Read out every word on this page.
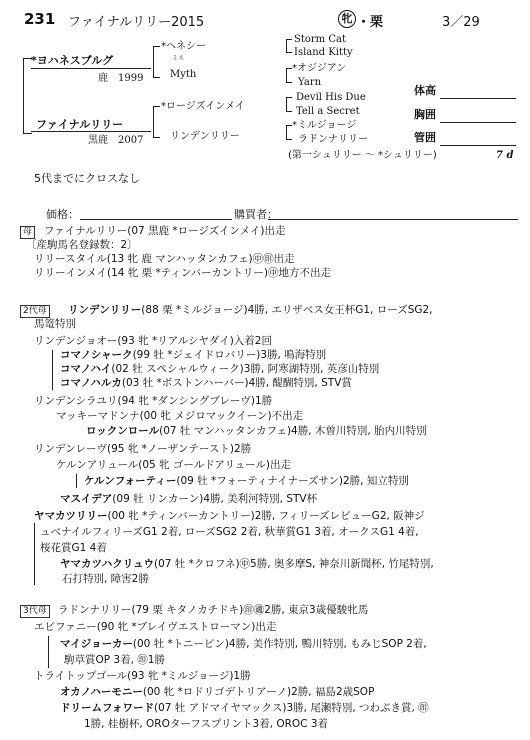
231 ファイナルリリー2015	牝 ・栗	3／29
*ヨハネスブルグ
鹿　1999
ファイナルリリー
黒鹿　2007
*ヘネシー
ミス
Myth
*ロージズインメイ
リンデンリリー
Storm Cat
Island Kitty
*オジジアン
Yarn
Devil His Due
Tell a Secret
*ミルジョージ
ラドンナリリー
(第一シュリリー ～ *シュリリー)	7 d
体高
胸囲
管囲
5代までにクロスなし
価格：	購買者：
母 ファイナルリリー(07 黒鹿 *ロージズインメイ)出走
〔産駒馬名登録数：2〕
リリースタイル(13 牝 鹿 マンハッタンカフェ)㊥㊞出走
リリーインメイ(14 牝 栗 *ティンバーカントリー)㊥地方不出走
2代母 リンデンリリー(88 栗 *ミルジョージ)4勝, エリザベス女王杯G1, ローズSG2,
馬篭特別
リンデンジョオー(93 牝 *リアルシヤダイ)入着2回
コマノシャーク(99 牡 *ジェイドロバリー)3勝, 鳴海特別
コマノハイ(02 牡 スペシャルウィーク)3勝, 阿寒湖特別, 英彦山特別
コマノハルカ(03 牡 *ボストンハーバー)4勝, 醍醐特別, STV賞
リンデンシラユリ(94 牝 *ダンシングブレーヴ)1勝
マッキーマドンナ(00 牝 メジロマックイーン)不出走
ロックンロール(07 牡 マンハッタンカフェ)4勝, 木曽川特別, 胎内川特別
リンデンレーヴ(95 牝 *ノーザンテースト)2勝
ケルンアリュール(05 牝 ゴールドアリュール)出走
ケルンフォーティー(09 牡 *フォーティナイナーズサン)2勝, 知立特別
マスイデア(09 牡 リンカーン)4勝, 美利河特別, STV杯
ヤマカツリリー(00 牝 *ティンバーカントリー)2勝, フィリーズレビューG2, 阪神ジ
ュベナイルフィリーズG1 2着, ローズSG2 2着, 秋華賞G1 3着, オークスG1 4着,
桜花賞G1 4着
ヤマカツハクリュウ(07 牡 *クロフネ)㊥5勝, 奥多摩S, 神奈川新聞杯, 竹尾特別,
石打特別, 障害2勝
3代母 ラドンナリリー(79 栗 キタノカチドキ)㊞㊜2勝, 東京3歳優駿牝馬
エビファニー(90 牝 *ブレイヴエストローマン)出走
マイジョーカー(00 牡 *トニービン)4勝, 美作特別, 鴨川特別, もみじSOP 2着,
駒草賞OP 3着, ㊞1勝
トライトップゴール(93 牝 *ミルジョージ)1勝
オカノハーモニー(00 牝 *ロドリゴデトリアーノ)2勝, 福島2歳SOP
ドリームフォワード(07 牡 アドマイヤマックス)3勝, 尾瀬特別, つわぶき賞, ㊞
1勝, 桂樹杯, OROターフスプリント3着, OROC 3着
